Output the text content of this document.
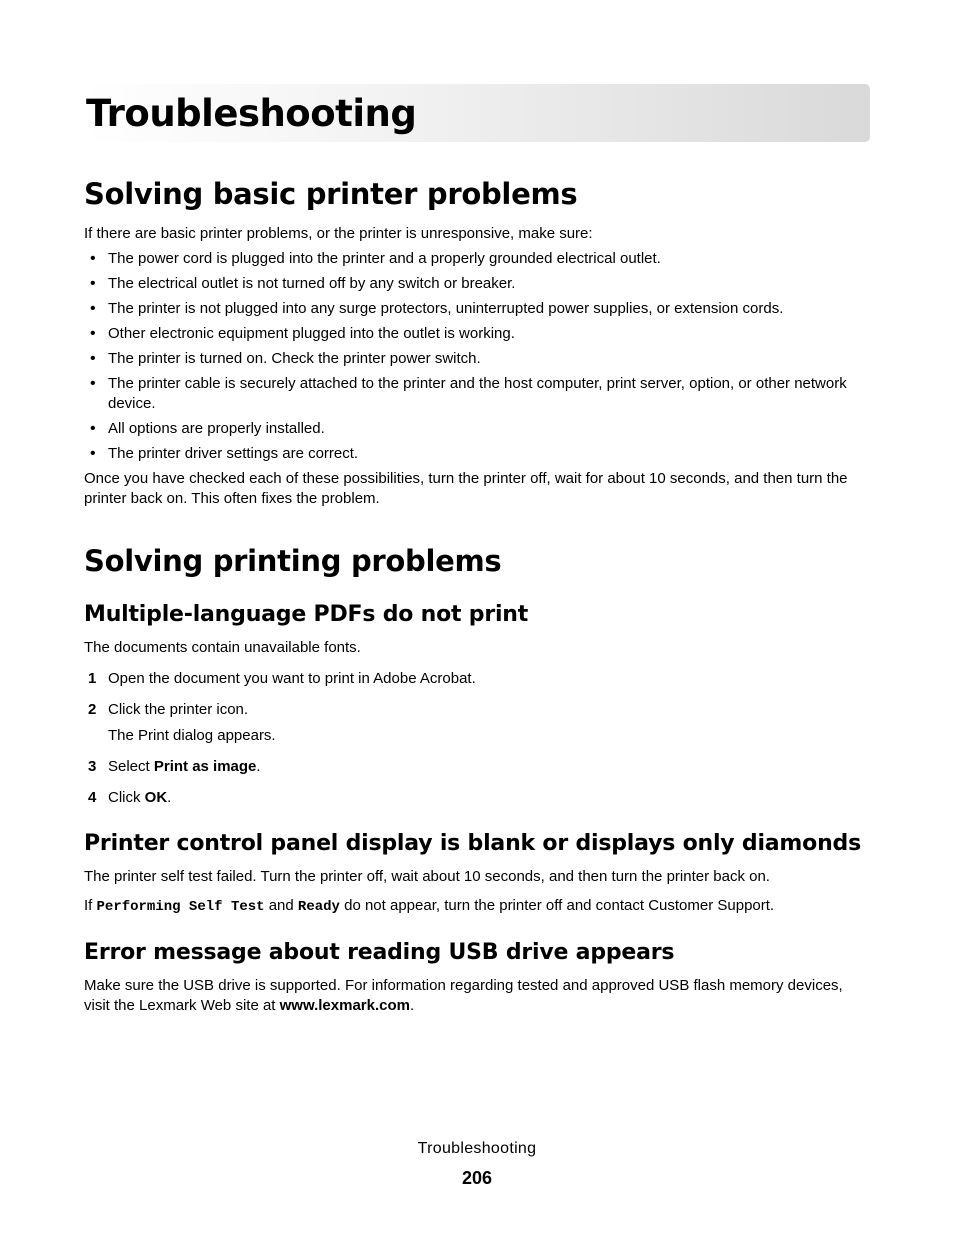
Troubleshooting
Solving basic printer problems

If there are basic printer problems, or the printer is unresponsive, make sure:

• The power cord is plugged into the printer and a properly grounded electrical outlet.
• The electrical outlet is not turned off by any switch or breaker.
• The printer is not plugged into any surge protectors, uninterrupted power supplies, or extension cords.
• Other electronic equipment plugged into the outlet is working.
• The printer is turned on. Check the printer power switch.
• The printer cable is securely attached to the printer and the host computer, print server, option, or other network device.
• All options are properly installed.
• The printer driver settings are correct.

Once you have checked each of these possibilities, turn the printer off, wait for about 10 seconds, and then turn the printer back on. This often fixes the problem.

Solving printing problems
Multiple-language PDFs do not print

The documents contain unavailable fonts.

1 Open the document you want to print in Adobe Acrobat.
2 Click the printer icon.
The Print dialog appears.
3 Select Print as image.
4 Click OK.
Printer control panel display is blank or displays only diamonds

The printer self test failed. Turn the printer off, wait about 10 seconds, and then turn the printer back on.

If Performing Self Test and Ready do not appear, turn the printer off and contact Customer Support.

Error message about reading USB drive appears

Make sure the USB drive is supported. For information regarding tested and approved USB flash memory devices, visit the Lexmark Web site at www.lexmark.com.

Troubleshooting
206
